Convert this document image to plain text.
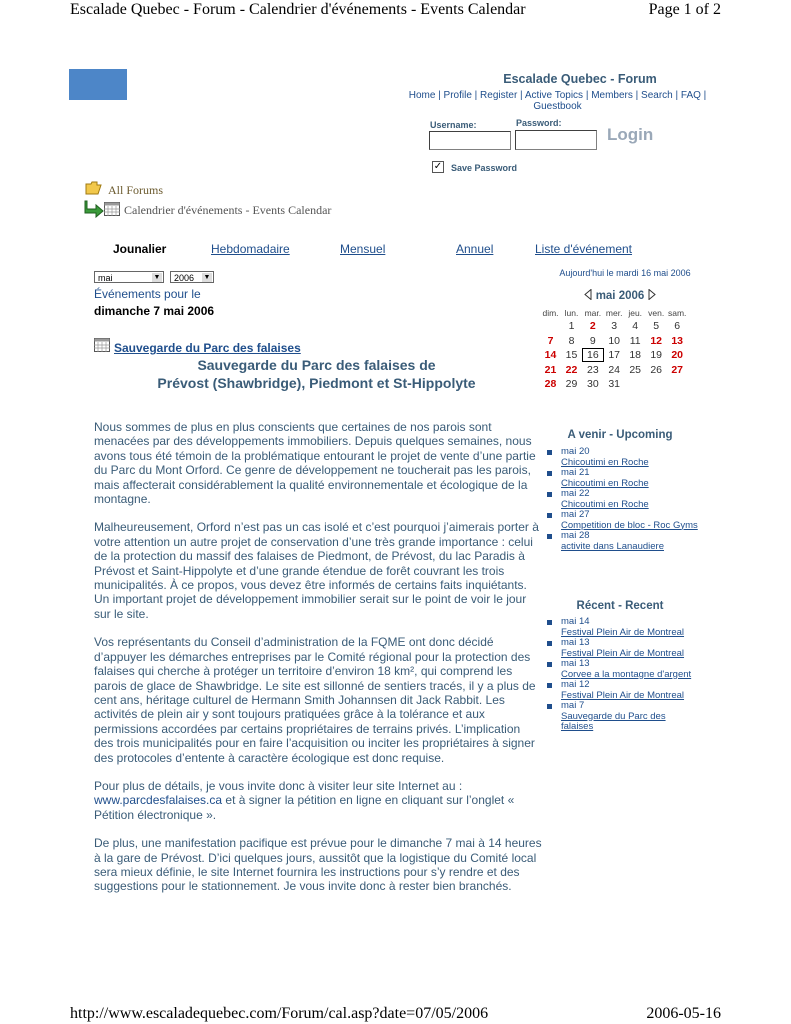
Escalade Quebec - Forum - Calendrier d'événements - Events Calendar	Page 1 of 2
http://www.escaladequebec.com/Forum/cal.asp?date=07/05/2006	2006-05-16
Escalade Quebec - Forum
Home | Profile | Register | Active Topics | Members | Search | FAQ | Guestbook
Username:	Password:
Login
✓ Save Password
All Forums
Calendrier d'événements - Events Calendar
Jounalier	Hebdomadaire	Mensuel	Annuel	Liste d'événement
mai	▼	2006 ▼
Événements pour le
dimanche 7 mai 2006
Sauvegarde du Parc des falaises
Sauvegarde du Parc des falaises de
Prévost (Shawbridge), Piedmont et St-Hippolyte

Nous sommes de plus en plus conscients que certaines de nos parois sont menacées par des développements immobiliers. Depuis quelques semaines, nous avons tous été témoin de la problématique entourant le projet de vente d’une partie du Parc du Mont Orford. Ce genre de développement ne toucherait pas les parois, mais affecterait considérablement la qualité environnementale et écologique de la montagne.

Malheureusement, Orford n’est pas un cas isolé et c’est pourquoi j’aimerais porter à votre attention un autre projet de conservation d’une très grande importance : celui de la protection du massif des falaises de Piedmont, de Prévost, du lac Paradis à Prévost et Saint-Hippolyte et d’une grande étendue de forêt couvrant les trois municipalités. À ce propos, vous devez être informés de certains faits inquiétants. Un important projet de développement immobilier serait sur le point de voir le jour sur le site.

Vos représentants du Conseil d’administration de la FQME ont donc décidé d’appuyer les démarches entreprises par le Comité régional pour la protection des falaises qui cherche à protéger un territoire d’environ 18 km², qui comprend les parois de glace de Shawbridge. Le site est sillonné de sentiers tracés, il y a plus de cent ans, héritage culturel de Hermann Smith Johannsen dit Jack Rabbit. Les activités de plein air y sont toujours pratiquées grâce à la tolérance et aux permissions accordées par certains propriétaires de terrains privés. L’implication des trois municipalités pour en faire l’acquisition ou inciter les propriétaires à signer des protocoles d’entente à caractère écologique est donc requise.

Pour plus de détails, je vous invite donc à visiter leur site Internet au :
www.parcdesfalaises.ca et à signer la pétition en ligne en cliquant sur l’onglet « Pétition électronique ».

De plus, une manifestation pacifique est prévue pour le dimanche 7 mai à 14 heures à la gare de Prévost. D’ici quelques jours, aussitôt que la logistique du Comité local sera mieux définie, le site Internet fournira les instructions pour s’y rendre et des suggestions pour le stationnement. Je vous invite donc à rester bien branchés.

Aujourd'hui le mardi 16 mai 2006
mai 2006
dim.	lun.	mar.	mer.	jeu.	ven.	sam.
	1	2	3	4	5	6
7	8	9	10	11	12	13
14	15	16	17	18	19	20
21	22	23	24	25	26	27
28	29	30	31			
A venir - Upcoming
mai 20
Chicoutimi en Roche
mai 21
Chicoutimi en Roche
mai 22
Chicoutimi en Roche
mai 27
Competition de bloc - Roc Gyms
mai 28
activite dans Lanaudiere
Récent - Recent
mai 14
Festival Plein Air de Montreal
mai 13
Festival Plein Air de Montreal
mai 13
Corvee a la montagne d'argent
mai 12
Festival Plein Air de Montreal
mai 7
Sauvegarde du Parc des falaises
